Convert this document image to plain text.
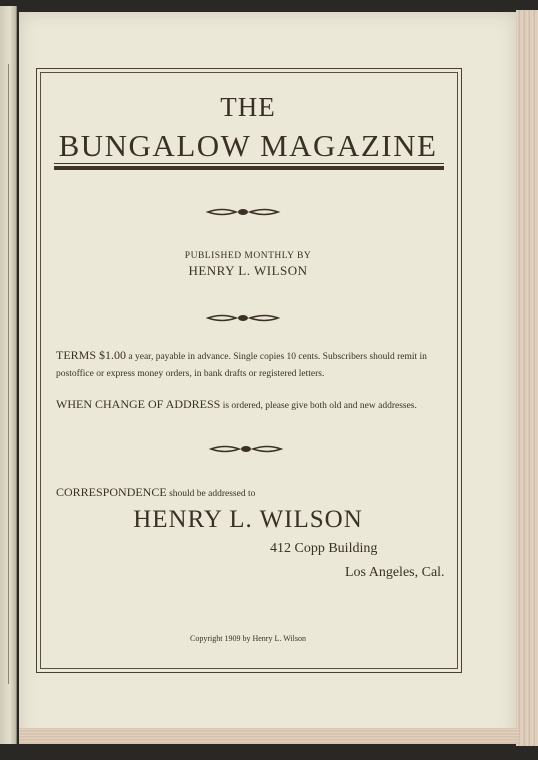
THE
BUNGALOW MAGAZINE
PUBLISHED MONTHLY BY
HENRY L. WILSON
TERMS $1.00 a year, payable in advance. Single copies 10 cents. Subscribers should remit in postoffice or express money orders, in bank drafts or registered letters.
WHEN CHANGE OF ADDRESS is ordered, please give both old and new addresses.
CORRESPONDENCE should be addressed to
HENRY L. WILSON
412 Copp Building
Los Angeles, Cal.
Copyright 1909 by Henry L. Wilson
